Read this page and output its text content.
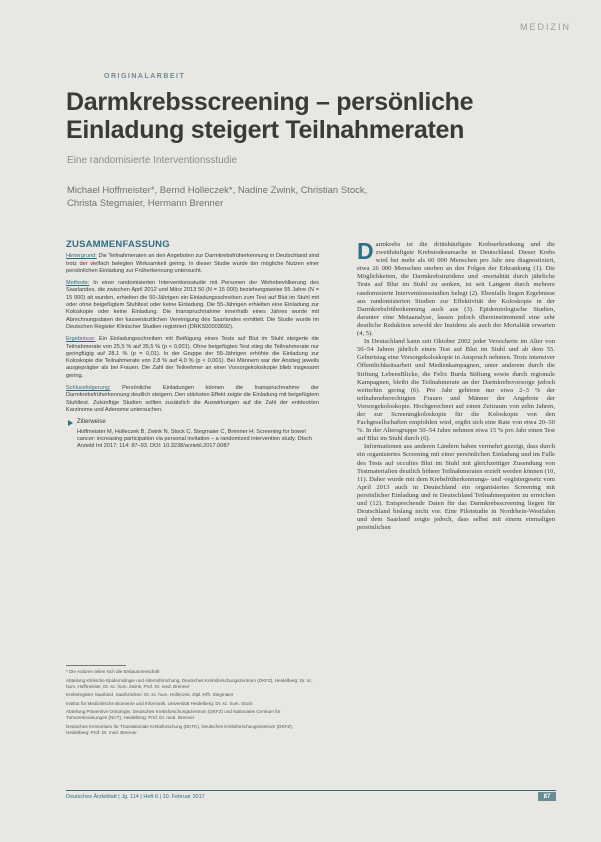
MEDIZIN
ORIGINALARBEIT
Darmkrebsscreening – persönliche
Einladung steigert Teilnahmeraten
Eine randomisierte Interventionsstudie
Michael Hoffmeister*, Bernd Holleczek*, Nadine Zwink, Christian Stock,
Christa Stegmaier, Hermann Brenner
ZUSAMMENFASSUNG

Hintergrund: Die Teilnahmeraten an den Angeboten zur Darmkrebsfrüherkennung in Deutschland sind trotz der vielfach belegten Wirksamkeit gering. In dieser Studie wurde der mögliche Nutzen einer persönlichen Einladung zur Früherkennung untersucht.

Methode: In einer randomisierten Interventionsstudie mit Personen der Wohnbevölkerung des Saarlandes, die zwischen April 2012 und März 2013 50 (N = 15 000) beziehungsweise 55 Jahre (N = 15 000) alt wurden, erhielten die 50-Jährigen ein Einladungsschreiben zum Test auf Blut im Stuhl mit oder ohne beigefügtem Stuhltest oder keine Einladung. Die 55-Jährigen erhielten eine Einladung zur Koloskopie oder keine Einladung. Die Inanspruchnahme innerhalb eines Jahres wurde mit Abrechnungsdaten der kassenärztlichen Vereinigung des Saarlandes ermittelt. Die Studie wurde im Deutschen Register Klinischer Studien registriert (DRKS00003692).

Ergebnisse: Ein Einladungsschreiben mit Beifügung eines Tests auf Blut im Stuhl steigerte die Teilnahmerate von 25,5 % auf 35,5 % (p < 0,001). Ohne beigefügten Test stieg die Teilnahmerate nur geringfügig auf 28,1 % (p = 0,01). In der Gruppe der 55-Jährigen erhöhte die Einladung zur Koloskopie die Teilnahmerate von 2,8 % auf 4,0 % (p < 0,001). Bei Männern war der Anstieg jeweils ausgeprägter als bei Frauen. Die Zahl der Teilnehmer an einer Vorsorgekoloskopie blieb insgesamt gering.

Schlussfolgerung: Persönliche Einladungen können die Inanspruchnahme der Darmkrebsfrüherkennung deutlich steigern. Den stärksten Effekt zeigte die Einladung mit beigefügtem Stuhltest. Zukünftige Studien sollten zusätzlich die Auswirkungen auf die Zahl der entdeckten Karzinome und Adenome untersuchen.

Zitierweise
Hoffmeister M, Holleczek B, Zwink N, Stock C, Stegmaier C, Brenner H: Screening for bowel cancer: increasing participation via personal invitation – a randomized intervention study. Dtsch Arztebl Int 2017; 114: 87–93. DOI: 10.3238/arztebl.2017.0087

* Die Autoren teilen sich die Erstautorenschaft

Abteilung Klinische Epidemiologie und Alternsforschung, Deutsches Krebsforschungszentrum (DKFZ), Heidelberg: Dr. sc. hum. Hoffmeister, Dr. sc. hum. Zwink, Prof. Dr. med. Brenner

Krebsregister Saarland, Saarbrücken: Dr. sc. hum. Holleczek, Dipl.-Kffr. Stegmaier

Institut für Medizinische Biometrie und Informatik, Universität Heidelberg: Dr. sc. hum. Stock

Abteilung Präventive Onkologie, Deutsches Krebsforschungszentrum (DKFZ) und Nationales Centrum für Tumorerkrankungen (NCT), Heidelberg: Prof. Dr. med. Brenner

Deutsches Konsortium für Translationale Krebsforschung (DKTK), Deutsches Krebsforschungszentrum (DKFZ), Heidelberg: Prof. Dr. med. Brenner

Darmkrebs ist die drittshäufigste Krebserkrankung und die zweithäufigste Krebstodesursache in Deutschland. Dieser Krebs wird bei mehr als 60 000 Menschen pro Jahr neu diagnostiziert, etwa 26 000 Menschen sterben an den Folgen der Erkrankung (1). Die Möglichkeiten, die Darmkrebsinzidenz und -mortalität durch jährliche Tests auf Blut im Stuhl zu senken, ist seit Langem durch mehrere randomisierte Interventionsstudien belegt (2). Ebenfalls liegen Ergebnisse aus randomisierten Studien zur Effektivität der Koloskopie in der Darmkrebsfrüherkennung auch aus (3). Epidemiologische Studien, darunter eine Metaanalyse, lassen jedoch übereinstimmend eine sehr deutliche Reduktion sowohl der Inzidenz als auch der Mortalität erwarten (4, 5).

In Deutschland kann seit Oktober 2002 jeder Versicherte im Alter von 50–54 Jahren jährlich einen Test auf Blut im Stuhl und ab dem 55. Geburtstag eine Vorsorgekoloskopie in Anspruch nehmen. Trotz intensiver Öffentlichkeitsarbeit und Medienkampagnen, unter anderem durch die Stiftung LebensBlicke, die Felix Burda Stiftung sowie durch regionale Kampagnen, bleibt die Teilnahmerate an der Darmkrebsvorsorge jedoch weiterhin gering (6). Pro Jahr gehören nur etwa 2–3 % der teilnahmeberechtigten Frauen und Männer der Angebote der Vorsorgekoloskopie. Hochgerechnet auf einen Zeitraum von zehn Jahren, der zur Screeningkoloskopie für die Koloskopie von den Fachgesellschaften empfohlen wird, ergibt sich eine Rate von etwa 20–30 %. In der Altersgruppe 50–54 Jahre nehmen etwa 15 % pro Jahr einen Test auf Blut im Stuhl durch (6).

Informationen aus anderen Ländern haben vermehrt gezeigt, dass durch ein organisiertes Screening mit einer persönlichen Einladung und im Falle des Tests auf occultes Blut im Stuhl mit gleichzeitiger Zusendung von Testmaterialien deutlich höhere Teilnahmeraten erzielt werden können (10, 11). Daher wurde mit dem Krebsfrüherkennungs- und -registergesetz vom April 2013 auch in Deutschland ein organisiertes Screening mit persönlicher Einladung und in Deutschland Teilnahmequoten zu erreichen und (12). Entsprechende Daten für das Darmkrebsscreening liegen für Deutschland bislang nicht vor. Eine Pilotstudie in Nordrhein-Westfalen und dem Saarland zeigte jedoch, dass selbst mit einem einmaligen persönlichen

Deutsches Ärzteblatt | Jg. 114 | Heft 6 | 10. Februar 2017	87
